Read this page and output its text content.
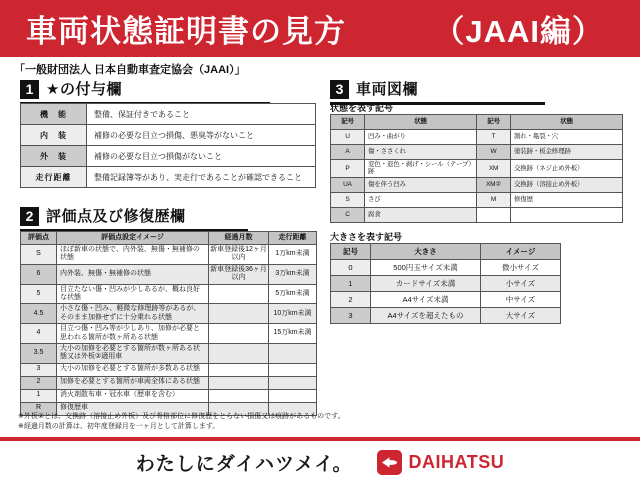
車両状態証明書の見方	（JAAI編）
「一般財団法人 日本自動車査定協会（JAAI）」
1 ★の付与欄
機　能	整備、保証付きであること
内　装	補修の必要な目立つ損傷、悪臭等がないこと
外　装	補修の必要な目立つ損傷がないこと
走行距離	整備記録簿等があり、実走行であることが確認できること
2 評価点及び修復歴欄
評価点	評価点設定イメージ	経過月数	走行距離
S	ほぼ新車の状態で、内外装、無傷・無補修の状態	新車登録後12ヶ月以内	1万km未満
6	内外装、無傷・無補修の状態	新車登録後36ヶ月以内	3万km未満
5	目立たない傷・凹みが少しあるが、概ね良好な状態		5万km未満
4.5	小さな傷・凹み、軽微な修理跡等があるが、そのまま加修せずに十分乗れる状態		10万km未満
4	目立つ傷・凹み等が少しあり、加修が必要と思われる箇所が数ヶ所ある状態		15万km未満
3.5	大小の加修を必要とする箇所が数ヶ所ある状態又は外板②適用車		
3	大小の加修を必要とする箇所が多数ある状態		
2	加修を必要とする箇所が車両全体にある状態		
1	消火剤散布車・冠水車（歴車を含む）		
R	修復歴車		
3 車両図欄
状態を表す記号
記号	状態	記号	状態
U	凹み・曲がり	T	割れ・亀裂・穴
A	傷・ささくれ	W	塗装跡・板金修理跡
P	変色・退色・剥げ・シール（テープ）跡	XM	交換跡（ネジ止め外板）
UA	傷を伴う凹み	XM②	交換跡（溶接止め外板）
S	さび	M	修復歴
C	腐食		
大きさを表す記号
記号	大きさ	イメージ
0	500円玉サイズ未満	微小サイズ
1	カードサイズ未満	小サイズ
2	A4サイズ未満	中サイズ
3	A4サイズを超えたもの	大サイズ
※外板②とは、交換跡（溶接止め外板）及び骨格部位に修復歴をとらない損傷又は痕跡があるものです。
※経過月数の計算は、初年度登録月を一ヶ月として計算します。
わたしにダイハツメイ。	DAIHATSU
